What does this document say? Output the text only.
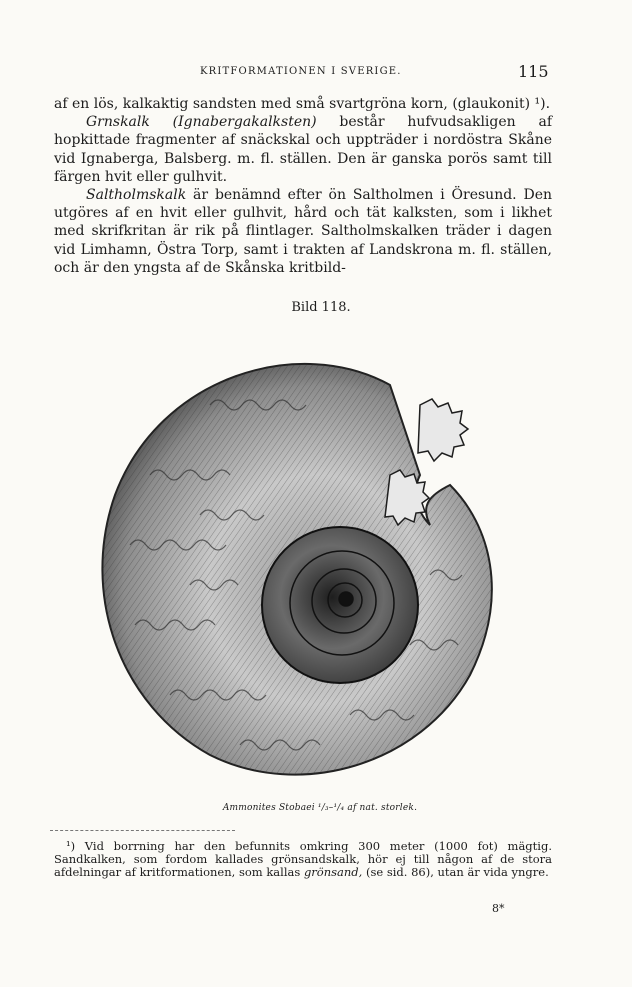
KRITFORMATIONEN I SVERIGE.	115

af en lös, kalkaktig sandsten med små svartgröna korn, (glaukonit) ¹).

Grnskalk (Ignabergakalksten) består hufvudsakligen af hopkittade fragmenter af snäckskal och uppträder i nordöstra Skåne vid Ignaberga, Balsberg. m. fl. ställen. Den är ganska porös samt till färgen hvit eller gulhvit.

Saltholmskalk är benämnd efter ön Saltholmen i Öresund. Den utgöres af en hvit eller gulhvit, hård och tät kalksten, som i likhet med skrifkritan är rik på flintlager. Saltholmskalken träder i dagen vid Limhamn, Östra Torp, samt i trakten af Landskrona m. fl. ställen, och är den yngsta af de Skånska kritbild-

Bild 118.
Ammonites Stobaei ¹/₃–¹/₄ af nat. storlek.

¹) Vid borrning har den befunnits omkring 300 meter (1000 fot) mägtig. Sandkalken, som fordom kallades grönsandskalk, hör ej till någon af de stora afdelningar af kritformationen, som kallas grönsand, (se sid. 86), utan är vida yngre.

8*
